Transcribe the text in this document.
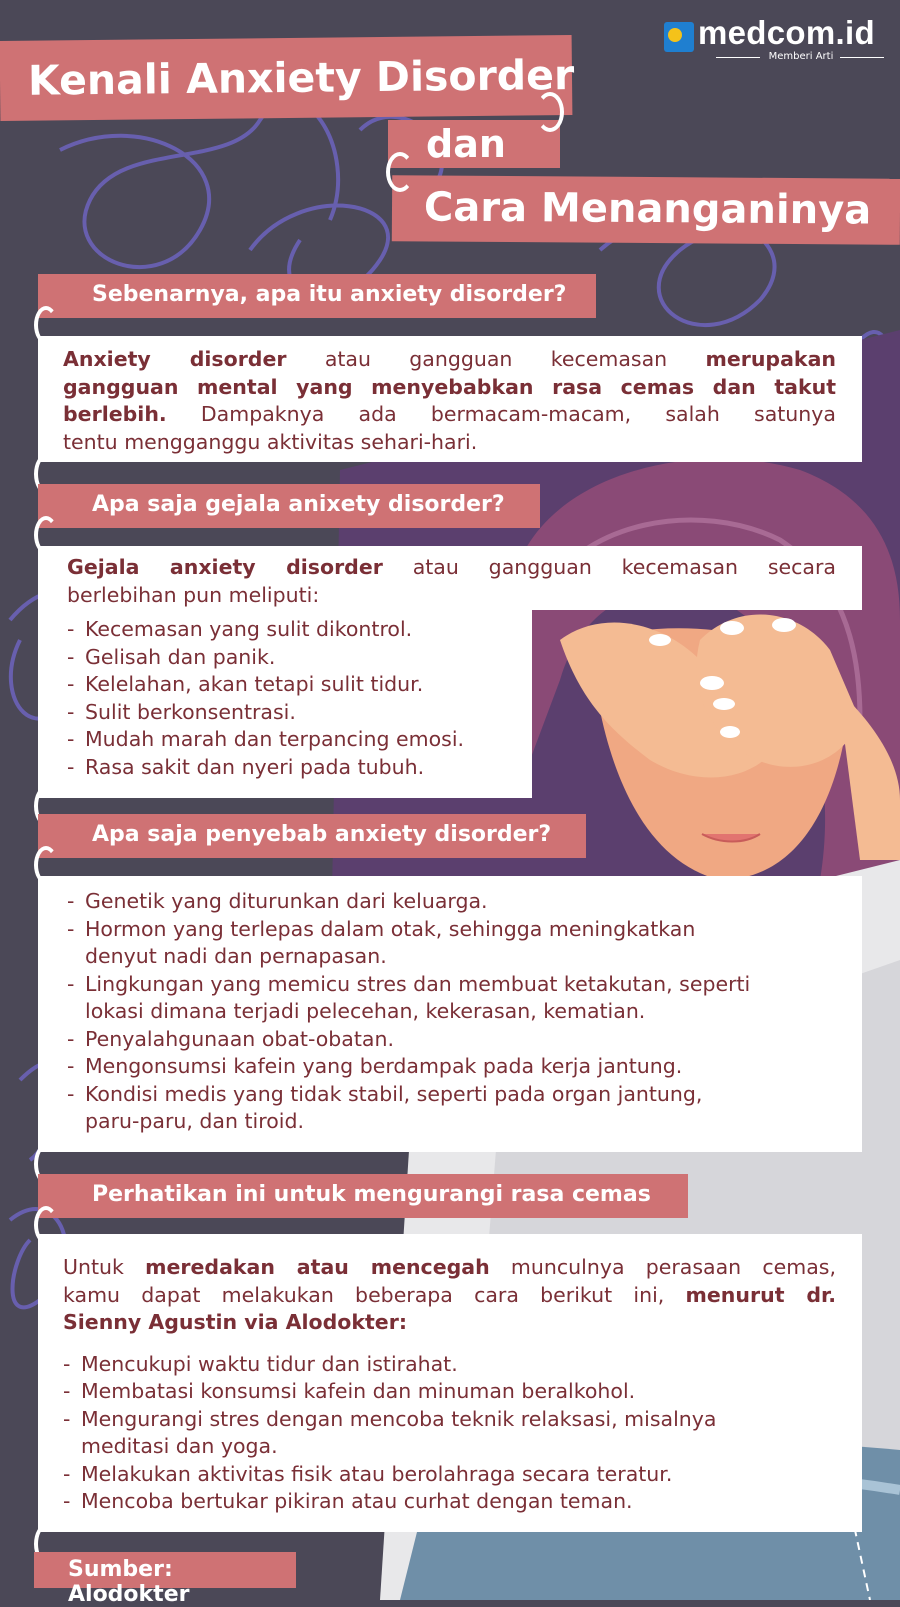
medcom.id
Memberi Arti
Kenali Anxiety Disorder
dan
Cara Menanganinya
Sebenarnya, apa itu anxiety disorder?
Anxiety disorder atau gangguan kecemasan merupakan
gangguan mental yang menyebabkan rasa cemas dan takut
berlebih. Dampaknya ada bermacam-macam, salah satunya
tentu mengganggu aktivitas sehari-hari.
Apa saja gejala anixety disorder?
Gejala anxiety disorder atau gangguan kecemasan secara
berlebihan pun meliputi:
- Kecemasan yang sulit dikontrol.
- Gelisah dan panik.
- Kelelahan, akan tetapi sulit tidur.
- Sulit berkonsentrasi.
- Mudah marah dan terpancing emosi.
- Rasa sakit dan nyeri pada tubuh.
Apa saja penyebab anxiety disorder?
- Genetik yang diturunkan dari keluarga.
- Hormon yang terlepas dalam otak, sehingga meningkatkan
denyut nadi dan pernapasan.
- Lingkungan yang memicu stres dan membuat ketakutan, seperti
lokasi dimana terjadi pelecehan, kekerasan, kematian.
- Penyalahgunaan obat-obatan.
- Mengonsumsi kafein yang berdampak pada kerja jantung.
- Kondisi medis yang tidak stabil, seperti pada organ jantung,
paru-paru, dan tiroid.
Perhatikan ini untuk mengurangi rasa cemas
Untuk meredakan atau mencegah munculnya perasaan cemas,
kamu dapat melakukan beberapa cara berikut ini, menurut dr.
Sienny Agustin via Alodokter:
- Mencukupi waktu tidur dan istirahat.
- Membatasi konsumsi kafein dan minuman beralkohol.
- Mengurangi stres dengan mencoba teknik relaksasi, misalnya
meditasi dan yoga.
- Melakukan aktivitas fisik atau berolahraga secara teratur.
- Mencoba bertukar pikiran atau curhat dengan teman.
Sumber: Alodokter
